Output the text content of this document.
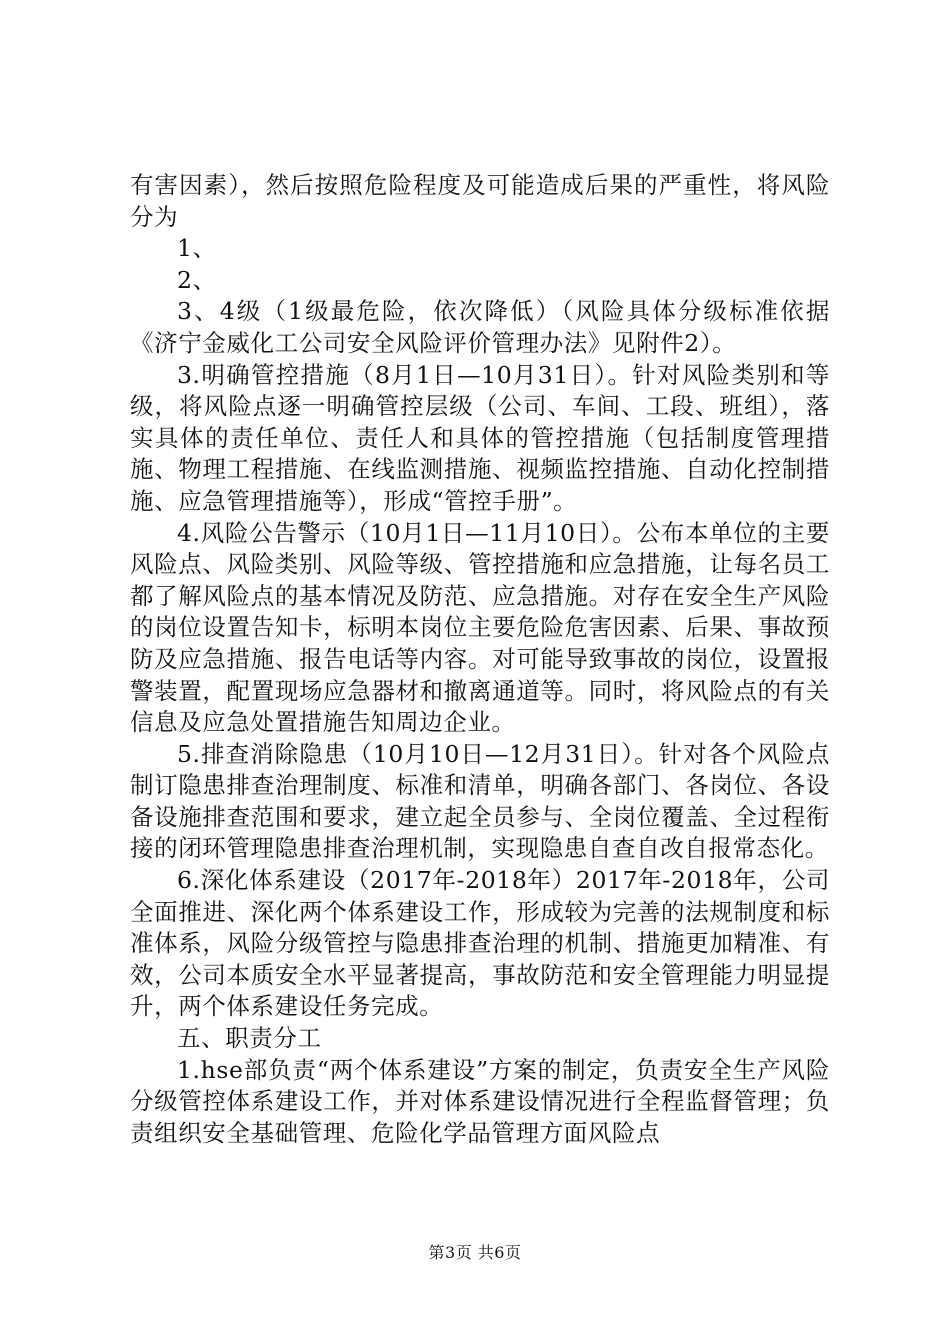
有害因素），然后按照危险程度及可能造成后果的严重性，将风险分为

1、

2、

3、4级（1级最危险，依次降低）（风险具体分级标准依据《济宁金威化工公司安全风险评价管理办法》见附件2）。

3.明确管控措施（8月1日—10月31日）。针对风险类别和等级，将风险点逐一明确管控层级（公司、车间、工段、班组），落实具体的责任单位、责任人和具体的管控措施（包括制度管理措施、物理工程措施、在线监测措施、视频监控措施、自动化控制措施、应急管理措施等），形成“管控手册”。

4.风险公告警示（10月1日—11月10日）。公布本单位的主要风险点、风险类别、风险等级、管控措施和应急措施，让每名员工都了解风险点的基本情况及防范、应急措施。对存在安全生产风险的岗位设置告知卡，标明本岗位主要危险危害因素、后果、事故预防及应急措施、报告电话等内容。对可能导致事故的岗位，设置报警装置，配置现场应急器材和撤离通道等。同时，将风险点的有关信息及应急处置措施告知周边企业。

5.排查消除隐患（10月10日—12月31日）。针对各个风险点制订隐患排查治理制度、标准和清单，明确各部门、各岗位、各设备设施排查范围和要求，建立起全员参与、全岗位覆盖、全过程衔接的闭环管理隐患排查治理机制，实现隐患自查自改自报常态化。

6.深化体系建设（2017年-2018年）2017年-2018年，公司全面推进、深化两个体系建设工作，形成较为完善的法规制度和标准体系，风险分级管控与隐患排查治理的机制、措施更加精准、有效，公司本质安全水平显著提高，事故防范和安全管理能力明显提升，两个体系建设任务完成。

五、职责分工

1.hse部负责“两个体系建设”方案的制定，负责安全生产风险分级管控体系建设工作，并对体系建设情况进行全程监督管理；负责组织安全基础管理、危险化学品管理方面风险点

第3页 共6页
